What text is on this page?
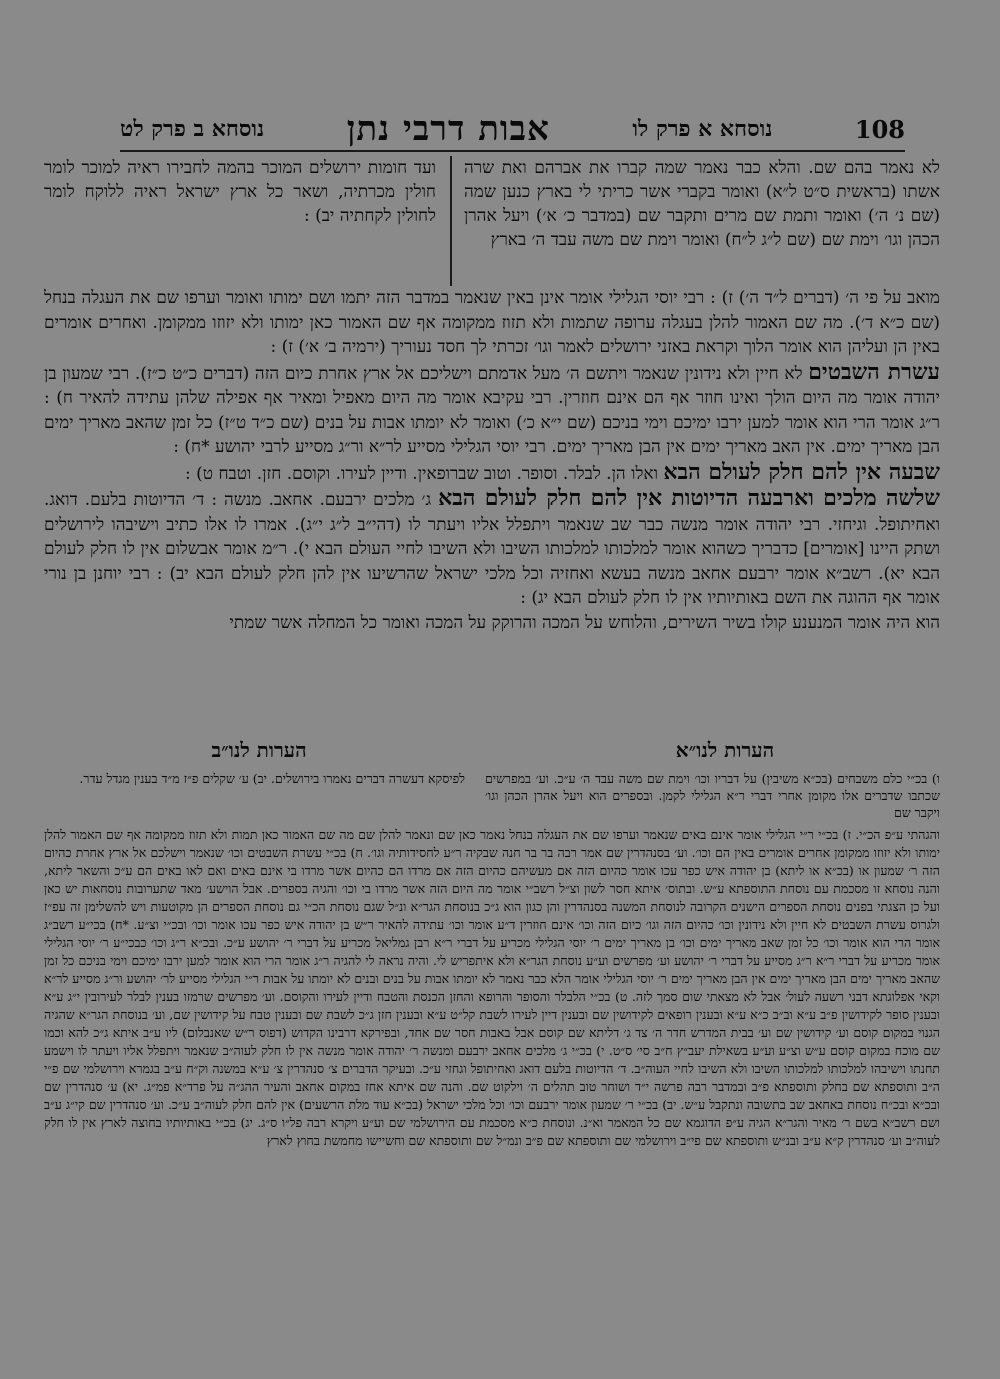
108
נוסחא א פרק לו
אבות דרבי נתן
נוסחא ב פרק לט
לא נאמר בהם שם. והלא כבר נאמר שמה קברו את אברהם ואת שרה אשתו (בראשית ס״ט ל״א) ואומר בקברי אשר כריתי לי בארץ כנען שמה (שם נ׳ ה׳) ואומר ותמת שם מרים ותקבר שם (במדבר כ׳ א׳) ויעל אהרן הכהן וגו׳ וימת שם (שם ל״ג ל״ח) ואומר וימת שם משה עבד ה׳ בארץ
ועד חומות ירושלים המוכר בהמה לחבירו ראיה למוכר לומר חולין מכרתיה, ושאר כל ארץ ישראל ראיה ללוקח לומר לחולין לקחתיה יב) :

מואב על פי ה׳ (דברים ל״ד ה׳) ז) : רבי יוסי הגלילי אומר אינן באין שנאמר במדבר הזה יתמו ושם ימותו ואומר וערפו שם את העגלה בנחל (שם כ״א ד׳). מה שם האמור להלן בעגלה ערופה שתמות ולא תזוז ממקומה אף שם האמור כאן ימותו ולא יזוזו ממקומן. ואחרים אומרים באין הן ועליהן הוא אומר הלוך וקראת באזני ירושלים לאמר וגו׳ זכרתי לך חסד נעוריך (ירמיה ב׳ א׳) ז) :

עשרת השבטים לא חיין ולא נידונין שנאמר ויתשם ה׳ מעל אדמתם וישליכם אל ארץ אחרת כיום הזה (דברים כ״ט כ״ז). רבי שמעון בן יהודה אומר מה היום הולך ואינו חוזר אף הם אינם חוזרין. רבי עקיבא אומר מה היום מאפיל ומאיר אף אפילה שלהן עתידה להאיר ח) : ר״ג אומר הרי הוא אומר למען ירבו ימיכם וימי בניכם (שם י״א כ׳) ואומר לא יומתו אבות על בנים (שם כ״ד ט״ז) כל זמן שהאב מאריך ימים הבן מאריך ימים. אין האב מאריך ימים אין הבן מאריך ימים. רבי יוסי הגלילי מסייע לר״א ור״ג מסייע לרבי יהושע *ח) :

שבעה אין להם חלק לעולם הבא ואלו הן. לבלר. וסופר. וטוב שברופאין. ודיין לעירו. וקוסם. חזן. וטבח ט) :

שלשה מלכים וארבעה הדיוטות אין להם חלק לעולם הבא ג׳ מלכים ירבעם. אחאב. מנשה : ד׳ הדיוטות בלעם. דואג. ואחיתופל. וגיחזי. רבי יהודה אומר מנשה כבר שב שנאמר ויתפלל אליו ויעתר לו (דהי״ב ל״ג י״ג). אמרו לו אלו כתיב וישיבהו לירושלים ושתק היינו [אומרים] כדבריך כשהוא אומר למלכותו למלכותו השיבו ולא השיבו לחיי העולם הבא י). ר״מ אומר אבשלום אין לו חלק לעולם הבא יא). רשב״א אומר ירבעם אחאב מנשה בעשא ואחזיה וכל מלכי ישראל שהרשיעו אין להן חלק לעולם הבא יב) : רבי יוחנן בן נורי אומר אף ההוגה את השם באותיותיו אין לו חלק לעולם הבא יג) :

הוא היה אומר המנענע קולו בשיר השירים, והלוחש על המכה והרוקק על המכה ואומר כל המחלה אשר שמתי

הערות לנו״א
הערות לנו״ב
ו) בכ״י כלם משבחים (בכ״א משיבין) על דבריו וכו׳ וימת שם משה עבד ה׳ ע״כ. וע׳ במפרשים שכתבו שדברים אלו מקומן אחרי דברי ר״א הגלילי לקמן. ובספרים הוא ויעל אהרן הכהן וגו׳ ויקבר שם
לפיסקא דעשרה דברים נאמרו בירושלים. יב) ע׳ שקלים פ״ז מ״ד בענין מגדל עדר.

והגהתי ע״פ הכ״י. ז) בכ״י ר״י הגלילי אומר אינם באים שנאמר וערפו שם את העגלה בנחל נאמר כאן שם ונאמר להלן שם מה שם האמור כאן תמות ולא תזוז ממקומה אף שם האמור להלן ימותו ולא יזוזו ממקומן אחרים אומרים באין הם וכו׳. וע׳ בסנהדרין שם אמר רבה בר בר חנה שבקיה ר״ע לחסידותיה וגו׳. ח) בכ״י עשרת השבטים וכו׳ שנאמר וישלכם אל ארץ אחרת כהיום הזה ר׳ שמעון או (בכ״א או ליתא) בן יהודה איש כפר עכו אומר כהיום הזה אם מעשיהם כהיום הזה אם מרדו הם כהיום אשר מרדו בי אינם באים ואם לאו באים הם ע״כ והשאר ליתא, והנה נוסחא זו מסכמת עם נוסחת התוספתא ע״ש. ובתוס׳ איתא חסר לשון וצ״ל רשב״י אומר מה היום הזה אשר מרדו בי וכו׳ והגיה בספרים. אבל הוישע׳ מאד שתערובות נוסחאות יש כאן ועל כן הצגתי בפנים נוסחת הספרים הישנים הקרובה לנוסחת המשנה בסנהדרין והן כגון הוא ג״כ בנוסחת הגר״א ונ״ל שגם נוסחת הכ״י גם נוסחת הספרים הן מקוטעות ויש להשלימן זה עפ״ז ולגרוס עשרת השבטים לא חיין ולא נידונין וכו׳ כהיום הזה וגו׳ כיום הזה וכו׳ אינם חוזרין ד״ע אומר וכו׳ עתידה להאיר ר״ש בן יהודה איש כפר עכו אומר וכו׳ ובכ״י וצ״ע. *ח) בכי״ע רשב״ג אומר הרי הוא אומר וכו׳ כל זמן שאב מאריך ימים וכו׳ בן מאריך ימים ר׳ יוסי הגלילי מכריע על דברי ר״א רבן גמליאל מכריע על דברי ר׳ יהושע ע״כ. ובכ״א ר״ג וכו׳ כבכי״ע ר׳ יוסי הגלילי אומר מכריע על דברי ר״א ר״ג מסייע על דברי ר׳ יהושע וע׳ מפרשים וע״ע נוסחת הגר״א ולא איתפריש לי. והיה נראה לי להגיה ר״ג אומר הרי הוא אומר למען ירבו ימיכם וימי בניכם כל זמן שהאב מאריך ימים הבן מאריך ימים אין הבן מאריך ימים ר׳ יוסי הגלילי אומר הלא כבר נאמר לא יומתו אבות על בנים ובנים לא יומתו על אבות ר״י הגלילי מסייע לר׳ יהושע ור״ג מסייע לר״א וקאי אפלוגתא דבני רשעה לעול׳ אבל לא מצאתי שום סמך לזה. ט) בכ״י הלבלר והסופר והרופא והחזן הכנסת והטבח ודיין לעירו והקוסם. וע׳ מפרשים שרמזו בענין לבלר לעירובין י״ג ע״א ובענין סופר לקידושין פ״ב ע״א וב״ב כ״א ע״א ובענין רופאים לקידושין שם ובענין דיין לעירו לשבת קל״ט ע״א ובענין חזן ג״כ לשבת שם ובענין טבח על קידושין שם, וע׳ בנוסחת הגר״א שהגיה הגנוי במקום קוסם וע׳ קידושין שם וע׳ בבית המדרש חדר ה׳ צד ג׳ דליתא שם קוסם אבל באבות חסר שם אחד, ובפירקא דרבינו הקדוש (דפוס ר״ש שאנבלום) ליו ע״ב איתא ג״כ להא וכמו שם מוכח במקום קוסם ע״ש וצ״ע וע״ע בשאילת יעב״ץ ח״ב סי׳ ס״ט. י) בכ״י ג׳ מלכים אחאב ירבעם ומנשה ר׳ יהודה אומר מנשה אין לו חלק לעוה״ב שנאמר ויתפלל אליו ויעתר לו וישמע תחנתו וישיבהו למלכותו למלכותו השיבו ולא השיבו לחיי העוה״ב. ד׳ הדיוטות בלעם דואג ואחיתופל וגחזי ע״כ. ובעיקר הדברים צ׳ סנהדרין צ׳ ע״א במשנה וק״ח ע״ב בגמרא וירושלמי שם פ״י ה״ב ותוספתא שם בחלק ותוספתא פ״ב ובמדבר רבה פרשה י״ד ושוחר טוב תהלים ה׳ וילקוט שם. והנה שם איתא אחז במקום אחאב והעיר ההג״ה על פרד״א פמ״ג. יא) ע׳ סנהדרין שם ובכ״א ובכ״ח נוסחת באחאב שב בתשובה ונתקבל ע״ש. יב) בכ״י ר׳ שמעון אומר ירבעם וכו׳ וכל מלכי ישראל (בכ״א עוד מלת הרשעים) אין להם חלק לעוה״ב ע״כ. וע׳ סנהדרין שם קי״ג ע״ב ושם רשב״א בשם ר׳ מאיר והגר״א הגיה ע״פ הדוגמא שם כל המאמר וא״נ. ונוסחת כ״א מסכמת עם הירושלמי שם וע״ע ויקרא רבה פל״ו ס״ג. יג) בכ״י באותיותיו בחוצה לארץ אין לו חלק לעוה״ב וע׳ סנהדרין ק״א ע״ב ובנ״ש ותוספתא שם פי״ב וירושלמי שם ותוספתא שם פ״ב ונמ״ל שם ותוספתא שם וחשיישו מחמשת בחוץ לארץ
